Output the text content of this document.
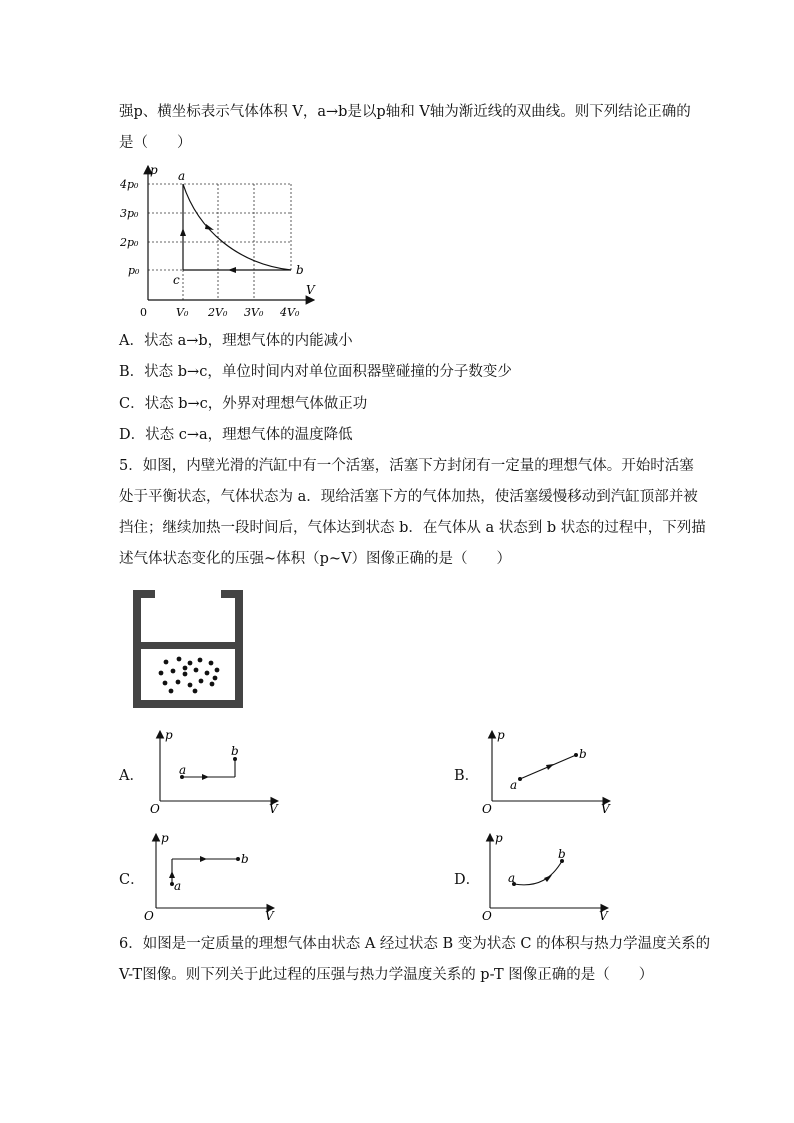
强p、横坐标表示气体体积 V，a→b是以p轴和 V轴为渐近线的双曲线。则下列结论正确的
是（　　）
p
V
0
4p₀
3p₀
2p₀
p₀
V₀ 2V₀ 3V₀ 4V₀
a
b
c
A．状态 a→b，理想气体的内能减小
B．状态 b→c，单位时间内对单位面积器壁碰撞的分子数变少
C．状态 b→c，外界对理想气体做正功
D．状态 c→a，理想气体的温度降低
5．如图，内壁光滑的汽缸中有一个活塞，活塞下方封闭有一定量的理想气体。开始时活塞
处于平衡状态，气体状态为 a．现给活塞下方的气体加热，使活塞缓慢移动到汽缸顶部并被
挡住；继续加热一段时间后，气体达到状态 b．在气体从 a 状态到 b 状态的过程中，下列描
述气体状态变化的压强~体积（p~V）图像正确的是（　　）
A．
p
V
O
a
b
B．
p
V
O
a
b
C．
p
V
O
a
b
D．
p
V
O
a
b
6．如图是一定质量的理想气体由状态 A 经过状态 B 变为状态 C 的体积与热力学温度关系的
V-T图像。则下列关于此过程的压强与热力学温度关系的 p-T 图像正确的是（　　）
